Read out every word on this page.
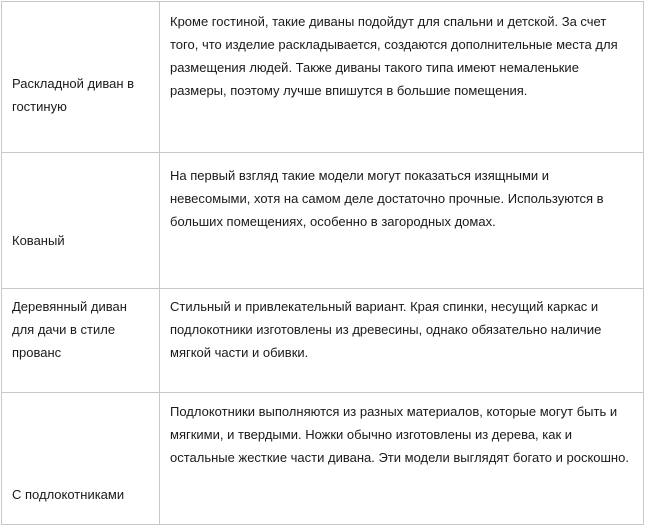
Раскладной диван в гостиную	Кроме гостиной, такие диваны подойдут для спальни и детской. За счет того, что изделие раскладывается, создаются дополнительные места для размещения людей. Также диваны такого типа имеют немаленькие размеры, поэтому лучше впишутся в большие помещения.
Кованый	На первый взгляд такие модели могут показаться изящными и невесомыми, хотя на самом деле достаточно прочные. Используются в больших помещениях, особенно в загородных домах.
Деревянный диван для дачи в стиле прованс	Стильный и привлекательный вариант. Края спинки, несущий каркас и подлокотники изготовлены из древесины, однако обязательно наличие мягкой части и обивки.
С подлокотниками	Подлокотники выполняются из разных материалов, которые могут быть и мягкими, и твердыми. Ножки обычно изготовлены из дерева, как и остальные жесткие части дивана. Эти модели выглядят богато и роскошно.
